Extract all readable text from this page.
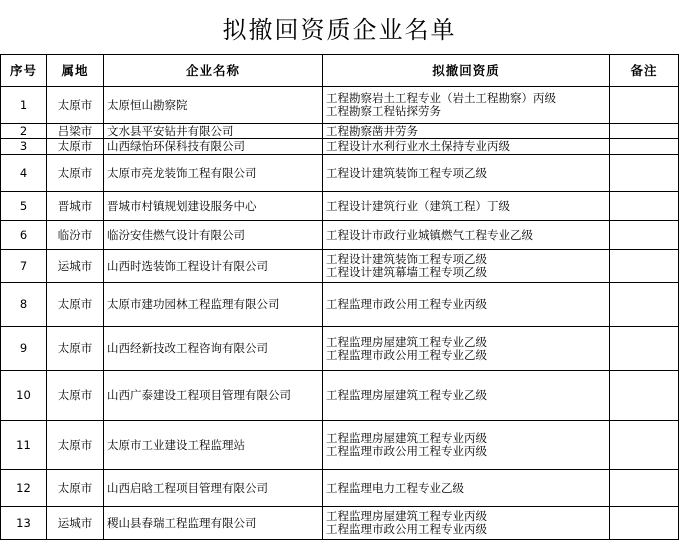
拟撤回资质企业名单
序号	属地	企业名称	拟撤回资质	备注
1	太原市	太原恒山勘察院	工程勘察岩土工程专业（岩土工程勘察）丙级
工程勘察工程钻探劳务	

2	吕梁市	文水县平安钻井有限公司	工程勘察凿井劳务	

3	太原市	山西绿怡环保科技有限公司	工程设计水利行业水土保持专业丙级	

4	太原市	太原市亮龙装饰工程有限公司	工程设计建筑装饰工程专项乙级	

5	晋城市	晋城市村镇规划建设服务中心	工程设计建筑行业（建筑工程）丁级	

6	临汾市	临汾安佳燃气设计有限公司	工程设计市政行业城镇燃气工程专业乙级	

7	运城市	山西时选装饰工程设计有限公司	工程设计建筑装饰工程专项乙级
工程设计建筑幕墙工程专项乙级	

8	太原市	太原市建功园林工程监理有限公司	工程监理市政公用工程专业丙级	

9	太原市	山西经新技改工程咨询有限公司	工程监理房屋建筑工程专业乙级
工程监理市政公用工程专业乙级	

10	太原市	山西广泰建设工程项目管理有限公司	工程监理房屋建筑工程专业乙级	

11	太原市	太原市工业建设工程监理站	工程监理房屋建筑工程专业丙级
工程监理市政公用工程专业丙级	

12	太原市	山西启晗工程项目管理有限公司	工程监理电力工程专业乙级	

13	运城市	稷山县春瑞工程监理有限公司	工程监理房屋建筑工程专业丙级
工程监理市政公用工程专业丙级	
